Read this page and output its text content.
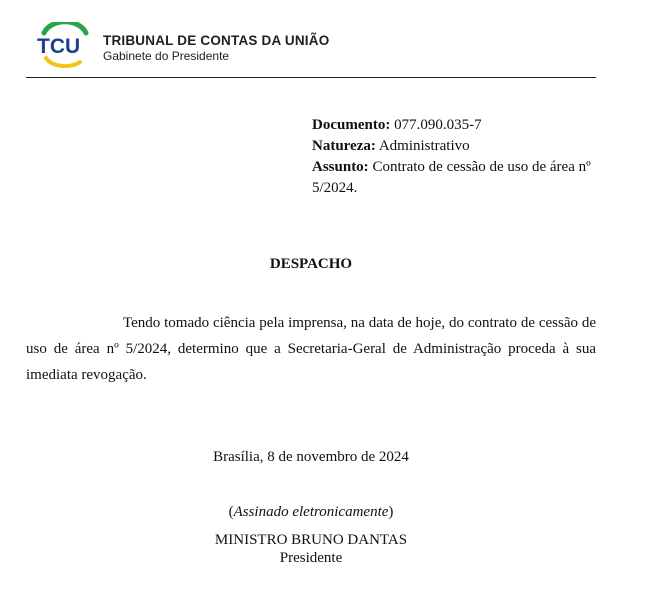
TCU TRIBUNAL DE CONTAS DA UNIÃO
Gabinete do Presidente

Documento: 077.090.035-7

Natureza: Administrativo

Assunto: Contrato de cessão de uso de área nº 5/2024.

DESPACHO
Tendo tomado ciência pela imprensa, na data de hoje, do contrato de cessão de uso de área nº 5/2024, determino que a Secretaria-Geral de Administração proceda à sua imediata revogação.
Brasília, 8 de novembro de 2024
(Assinado eletronicamente)
MINISTRO BRUNO DANTAS
Presidente
